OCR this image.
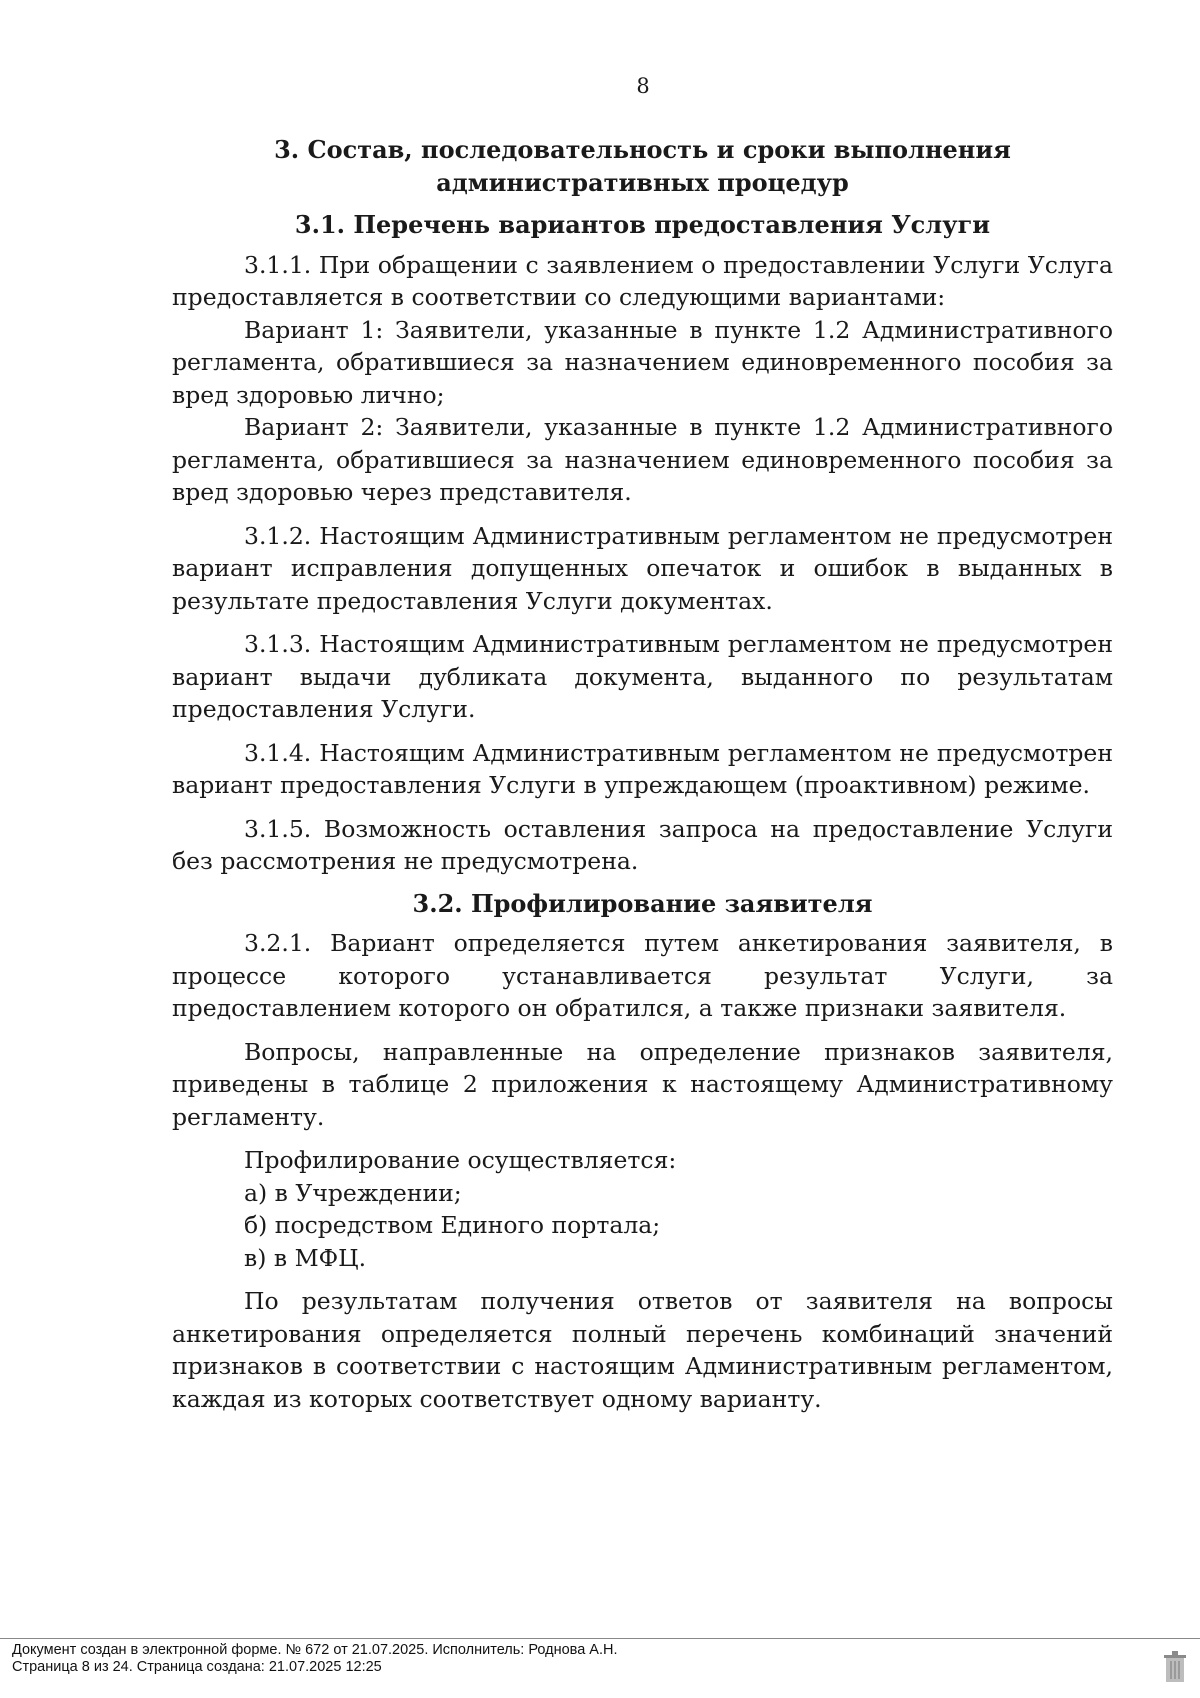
8
3. Состав, последовательность и сроки выполнения административных процедур
3.1. Перечень вариантов предоставления Услуги

3.1.1. При обращении с заявлением о предоставлении Услуги Услуга предоставляется в соответствии со следующими вариантами:

Вариант 1: Заявители, указанные в пункте 1.2 Административного регламента, обратившиеся за назначением единовременного пособия за вред здоровью лично;

Вариант 2: Заявители, указанные в пункте 1.2 Административного регламента, обратившиеся за назначением единовременного пособия за вред здоровью через представителя.

3.1.2. Настоящим Административным регламентом не предусмотрен вариант исправления допущенных опечаток и ошибок в выданных в результате предоставления Услуги документах.

3.1.3. Настоящим Административным регламентом не предусмотрен вариант выдачи дубликата документа, выданного по результатам предоставления Услуги.

3.1.4. Настоящим Административным регламентом не предусмотрен вариант предоставления Услуги в упреждающем (проактивном) режиме.

3.1.5. Возможность оставления запроса на предоставление Услуги без рассмотрения не предусмотрена.

3.2. Профилирование заявителя

3.2.1. Вариант определяется путем анкетирования заявителя, в процессе которого устанавливается результат Услуги, за предоставлением которого он обратился, а также признаки заявителя.

Вопросы, направленные на определение признаков заявителя, приведены в таблице 2 приложения к настоящему Административному регламенту.

Профилирование осуществляется:

а) в Учреждении;

б) посредством Единого портала;

в) в МФЦ.

По результатам получения ответов от заявителя на вопросы анкетирования определяется полный перечень комбинаций значений признаков в соответствии с настоящим Административным регламентом, каждая из которых соответствует одному варианту.

Документ создан в электронной форме. № 672 от 21.07.2025. Исполнитель: Роднова А.Н.
Страница 8 из 24. Страница создана: 21.07.2025 12:25
